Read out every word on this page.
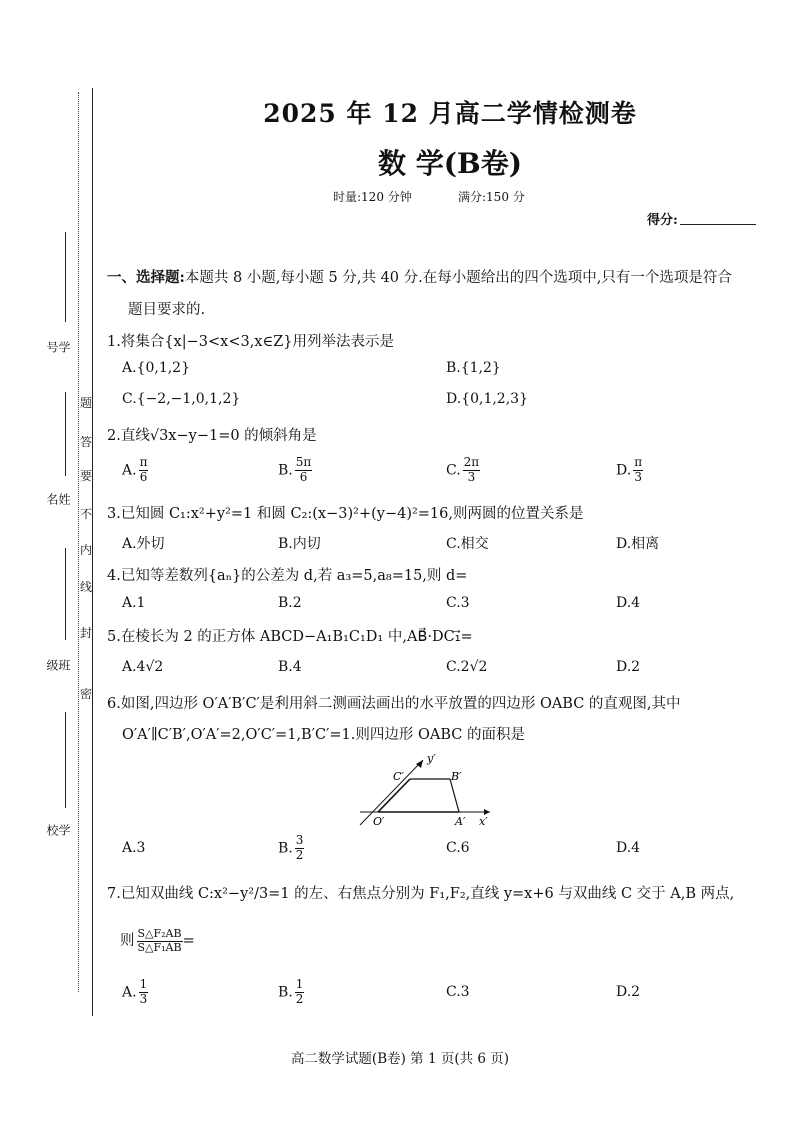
密
封
线
内
不
要
答
题
学号
姓名
班级
学校
2025 年 12 月高二学情检测卷
数 学(B卷)
时量:120 分钟	满分:150 分
得分:
一、选择题:本题共 8 小题,每小题 5 分,共 40 分.在每小题给出的四个选项中,只有一个选项是符合
题目要求的.
1.将集合{x|−3<x<3,x∈Z}用列举法表示是
A.{0,1,2}	B.{1,2}
C.{−2,−1,0,1,2}	D.{0,1,2,3}
2.直线√3x−y−1=0 的倾斜角是
A. $\frac{\pi}{6}$	B. $\frac{5\pi}{6}$	C. $\frac{2\pi}{3}$	D. $\frac{\pi}{3}$
3.已知圆 C₁:x²+y²=1 和圆 C₂:(x−3)²+(y−4)²=16,则两圆的位置关系是
A.外切	B.内切	C.相交	D.相离
4.已知等差数列{aₙ}的公差为 d,若 a₃=5,a₈=15,则 d=
A.1	B.2	C.3	D.4
5.在棱长为 2 的正方体 ABCD−A₁B₁C₁D₁ 中,AB⃗·DC₁⃗=
A.4√2	B.4	C.2√2	D.2
6.如图,四边形 O′A′B′C′是利用斜二测画法画出的水平放置的四边形 OABC 的直观图,其中
O′A′∥C′B′,O′A′=2,O′C′=1,B′C′=1.则四边形 OABC 的面积是
y′
x′
O′	A′
B′
C′
A.3	B. $\frac{3}{2}$	C.6	D.4
7.已知双曲线 C:x²−y²/3=1 的左、右焦点分别为 F₁,F₂,直线 y=x+6 与双曲线 C 交于 A,B 两点,
则 $\frac{\text{S△F₂AB}}{\text{S△F₁AB}}$ =
A. $\frac{1}{3}$	B. $\frac{1}{2}$	C.3	D.2
高二数学试题(B卷) 第 1 页(共 6 页)
